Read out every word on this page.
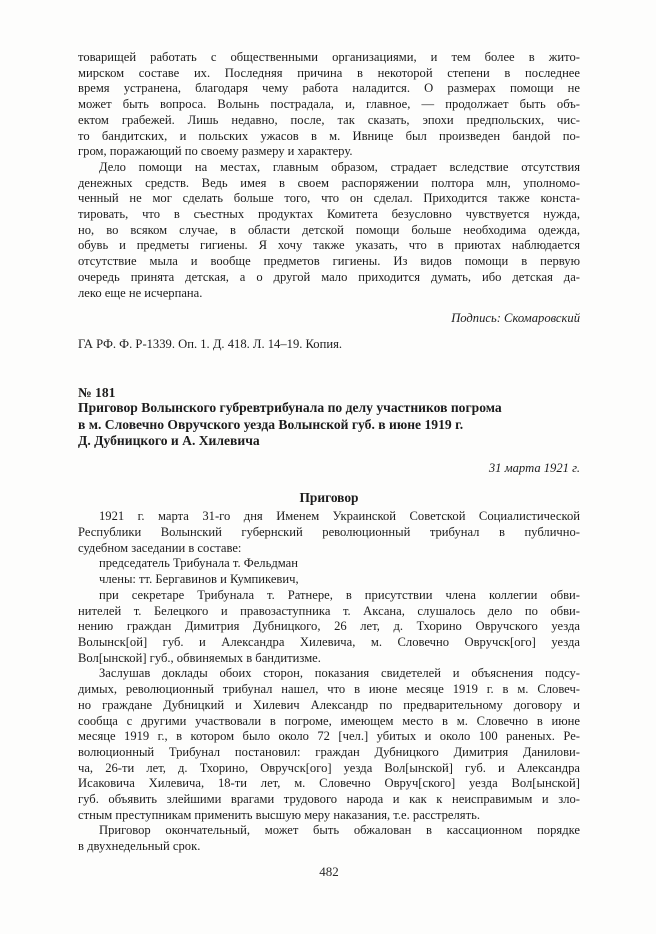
товарищей работать с общественными организациями, и тем более в жито-
мирском составе их. Последняя причина в некоторой степени в последнее
время устранена, благодаря чему работа наладится. О размерах помощи не
может быть вопроса. Волынь пострадала, и, главное, — продолжает быть объ-
ектом грабежей. Лишь недавно, после, так сказать, эпохи предпольских, чис-
то бандитских, и польских ужасов в м. Ивнице был произведен бандой по-
гром, поражающий по своему размеру и характеру.
Дело помощи на местах, главным образом, страдает вследствие отсутствия
денежных средств. Ведь имея в своем распоряжении полтора млн, уполномо-
ченный не мог сделать больше того, что он сделал. Приходится также конста-
тировать, что в съестных продуктах Комитета безусловно чувствуется нужда,
но, во всяком случае, в области детской помощи больше необходима одежда,
обувь и предметы гигиены. Я хочу также указать, что в приютах наблюдается
отсутствие мыла и вообще предметов гигиены. Из видов помощи в первую
очередь принята детская, а о другой мало приходится думать, ибо детская да-
леко еще не исчерпана.
Подпись: Скомаровский
ГА РФ. Ф. Р-1339. Оп. 1. Д. 418. Л. 14–19. Копия.
№ 181
Приговор Волынского губревтрибунала по делу участников погрома
в м. Словечно Овручского уезда Волынской губ. в июне 1919 г.
Д. Дубницкого и А. Хилевича
31 марта 1921 г.
Приговор
1921 г. марта 31-го дня Именем Украинской Советской Социалистической
Республики Волынский губернский революционный трибунал в публично-
судебном заседании в составе:
председатель Трибунала т. Фельдман
члены: тт. Бергавинов и Кумпикевич,
при секретаре Трибунала т. Ратнере, в присутствии члена коллегии обви-
нителей т. Белецкого и правозаступника т. Аксана, слушалось дело по обви-
нению граждан Димитрия Дубницкого, 26 лет, д. Тхорино Овручского уезда
Волынск[ой] губ. и Александра Хилевича, м. Словечно Овручск[ого] уезда
Вол[ынской] губ., обвиняемых в бандитизме.
Заслушав доклады обоих сторон, показания свидетелей и объяснения подсу-
димых, революционный трибунал нашел, что в июне месяце 1919 г. в м. Словеч-
но граждане Дубницкий и Хилевич Александр по предварительному договору и
сообща с другими участвовали в погроме, имеющем место в м. Словечно в июне
месяце 1919 г., в котором было около 72 [чел.] убитых и около 100 раненых. Ре-
волюционный Трибунал постановил: граждан Дубницкого Димитрия Данилови-
ча, 26-ти лет, д. Тхорино, Овручск[ого] уезда Вол[ынской] губ. и Александра
Исаковича Хилевича, 18-ти лет, м. Словечно Овруч[ского] уезда Вол[ынской]
губ. объявить злейшими врагами трудового народа и как к неисправимым и зло-
стным преступникам применить высшую меру наказания, т.е. расстрелять.
Приговор окончательный, может быть обжалован в кассационном порядке
в двухнедельный срок.
482
